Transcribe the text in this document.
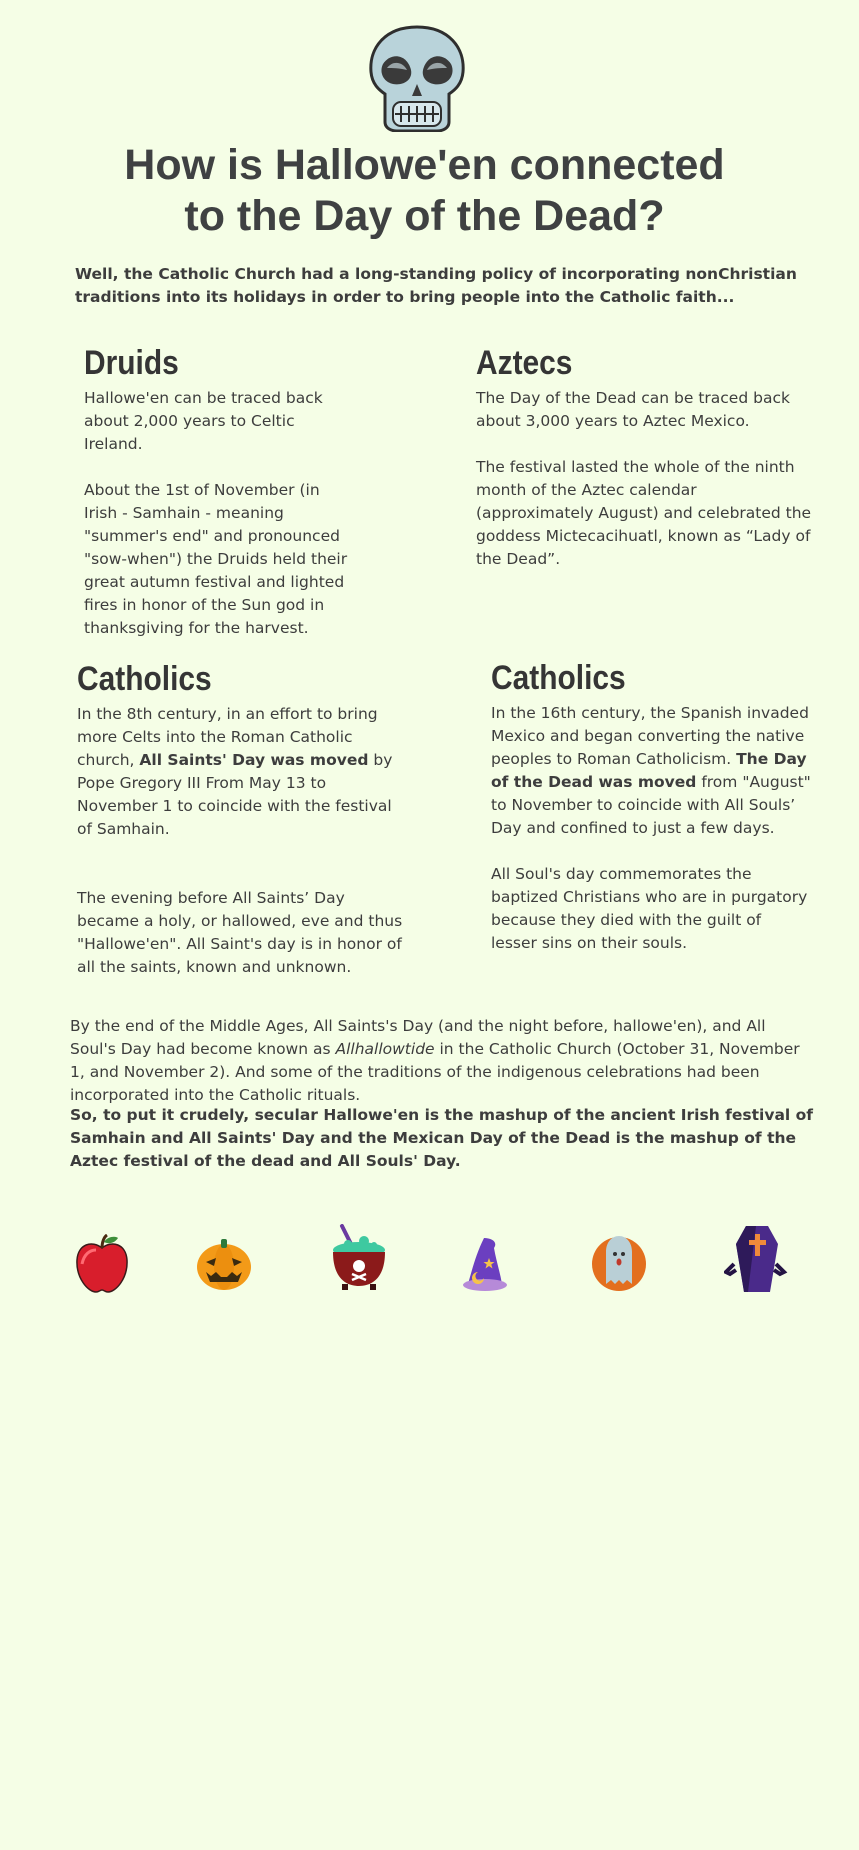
How is Hallowe'en connected
to the Day of the Dead?

Well, the Catholic Church had a long-standing policy of incorporating nonChristian traditions into its holidays in order to bring people into the Catholic faith...

Druids

Hallowe'en can be traced back about 2,000 years to Celtic Ireland.

About the 1st of November (in Irish - Samhain - meaning "summer's end" and pronounced "sow-when") the Druids held their great autumn festival and lighted fires in honor of the Sun god in thanksgiving for the harvest.

Aztecs

The Day of the Dead can be traced back about 3,000 years to Aztec Mexico.

The festival lasted the whole of the ninth month of the Aztec calendar (approximately August) and celebrated the goddess Mictecacihuatl, known as “Lady of the Dead”.

Catholics

In the 8th century, in an effort to bring more Celts into the Roman Catholic church, All Saints' Day was moved by Pope Gregory III From May 13 to November 1 to coincide with the festival of Samhain.

The evening before All Saints’ Day became a holy, or hallowed, eve and thus "Hallowe'en". All Saint's day is in honor of all the saints, known and unknown.

Catholics

In the 16th century, the Spanish invaded Mexico and began converting the native peoples to Roman Catholicism. The Day of the Dead was moved from "August" to November to coincide with All Souls’ Day and confined to just a few days.

All Soul's day commemorates the baptized Christians who are in purgatory because they died with the guilt of lesser sins on their souls.

By the end of the Middle Ages, All Saints's Day (and the night before, hallowe'en), and All Soul's Day had become known as Allhallowtide in the Catholic Church (October 31, November 1, and November 2). And some of the traditions of the indigenous celebrations had been incorporated into the Catholic rituals.

So, to put it crudely, secular Hallowe'en is the mashup of the ancient Irish festival of Samhain and All Saints' Day and the Mexican Day of the Dead is the mashup of the Aztec festival of the dead and All Souls' Day.
